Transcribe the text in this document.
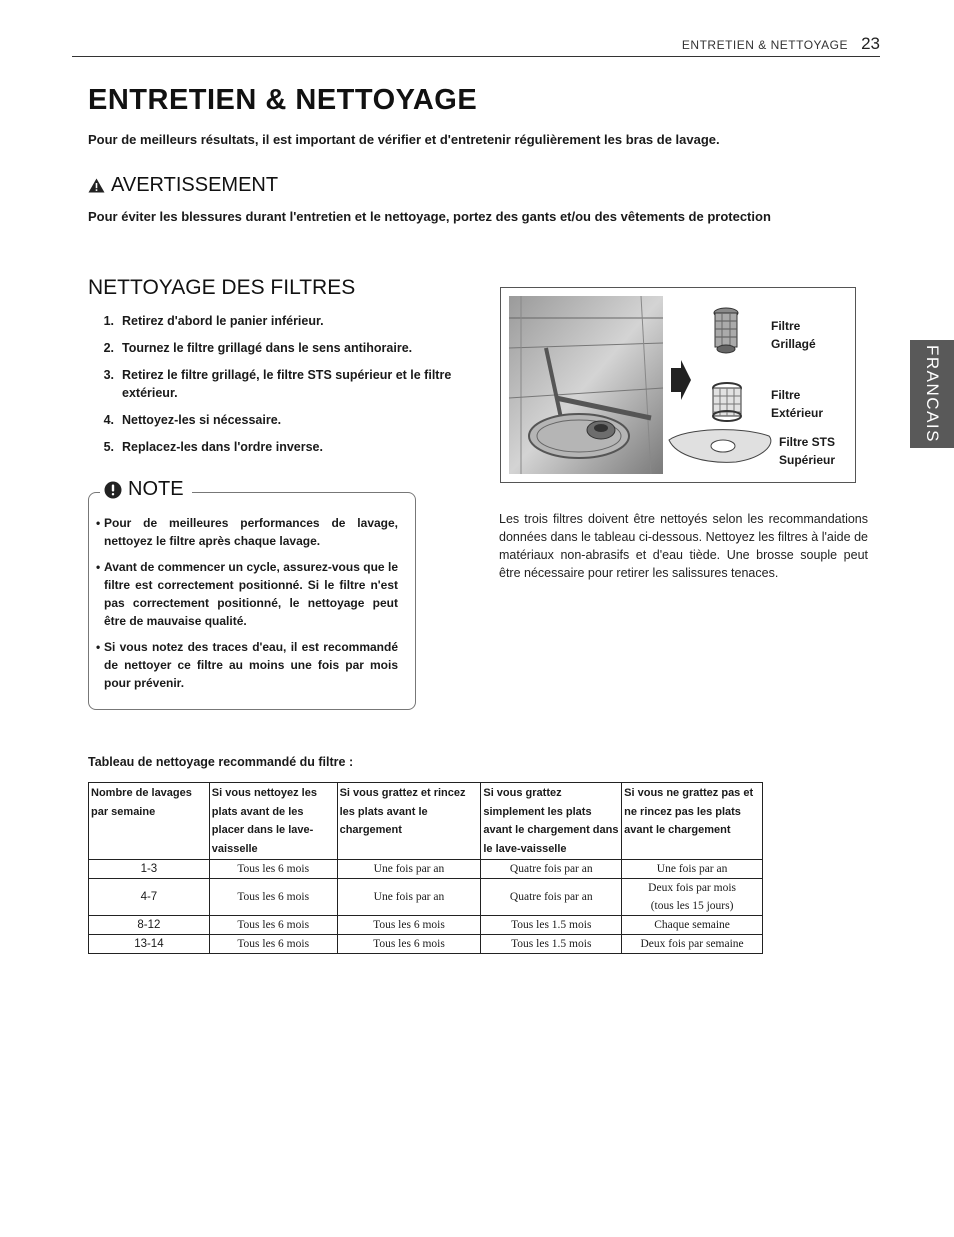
ENTRETIEN & NETTOYAGE 23
ENTRETIEN & NETTOYAGE
Pour de meilleurs résultats, il est important de vérifier et d'entretenir régulièrement les bras de lavage.
AVERTISSEMENT
Pour éviter les blessures durant l'entretien et le nettoyage, portez des gants et/ou des vêtements de protection
NETTOYAGE DES FILTRES
1. Retirez d'abord le panier inférieur.
2. Tournez le filtre grillagé dans le sens antihoraire.
3. Retirez le filtre grillagé, le filtre STS supérieur et le filtre extérieur.
4. Nettoyez-les si nécessaire.
5. Replacez-les dans l'ordre inverse.
NOTE
• Pour de meilleures performances de lavage, nettoyez le filtre après chaque lavage.
• Avant de commencer un cycle, assurez-vous que le filtre est correctement positionné. Si le filtre n'est pas correctement positionné, le nettoyage peut être de mauvaise qualité.
• Si vous notez des traces d'eau, il est recommandé de nettoyer ce filtre au moins une fois par mois pour prévenir.
Filtre
Grillagé
Filtre
Extérieur
Filtre STS
Supérieur
Les trois filtres doivent être nettoyés selon les recommandations données dans le tableau ci-dessous. Nettoyez les filtres à l'aide de matériaux non-abrasifs et d'eau tiède. Une brosse souple peut être nécessaire pour retirer les salissures tenaces.
Tableau de nettoyage recommandé du filtre :
Nombre de lavages par semaine	Si vous nettoyez les plats avant de les placer dans le lave-vaisselle	Si vous grattez et rincez les plats avant le chargement	Si vous grattez simplement les plats avant le chargement dans le lave-vaisselle	Si vous ne grattez pas et ne rincez pas les plats avant le chargement
1-3	Tous les 6 mois	Une fois par an	Quatre fois par an	Une fois par an
4-7	Tous les 6 mois	Une fois par an	Quatre fois par an	Deux fois par mois (tous les 15 jours)
8-12	Tous les 6 mois	Tous les 6 mois	Tous les 1.5 mois	Chaque semaine
13-14	Tous les 6 mois	Tous les 6 mois	Tous les 1.5 mois	Deux fois par semaine
FRANCAIS
